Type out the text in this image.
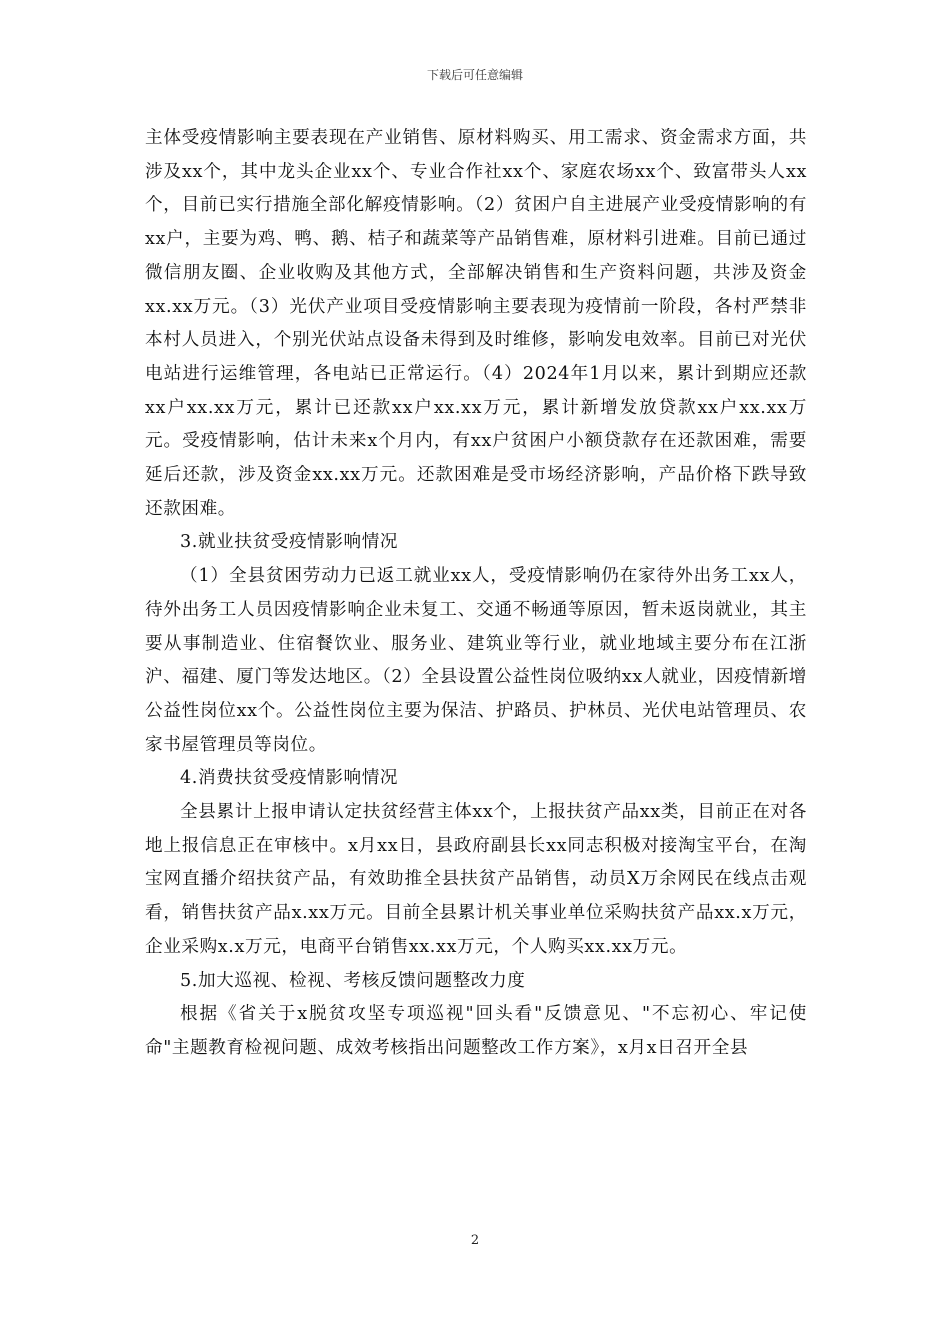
下载后可任意编辑

主体受疫情影响主要表现在产业销售、原材料购买、用工需求、资金需求方面，共涉及xx个，其中龙头企业xx个、专业合作社xx个、家庭农场xx个、致富带头人xx个，目前已实行措施全部化解疫情影响。（2）贫困户自主进展产业受疫情影响的有xx户，主要为鸡、鸭、鹅、桔子和蔬菜等产品销售难，原材料引进难。目前已通过微信朋友圈、企业收购及其他方式，全部解决销售和生产资料问题，共涉及资金xx.xx万元。（3）光伏产业项目受疫情影响主要表现为疫情前一阶段，各村严禁非本村人员进入，个别光伏站点设备未得到及时维修，影响发电效率。目前已对光伏电站进行运维管理，各电站已正常运行。（4）2024年1月以来，累计到期应还款xx户xx.xx万元，累计已还款xx户xx.xx万元，累计新增发放贷款xx户xx.xx万元。受疫情影响，估计未来x个月内，有xx户贫困户小额贷款存在还款困难，需要延后还款，涉及资金xx.xx万元。还款困难是受市场经济影响，产品价格下跌导致还款困难。

3.就业扶贫受疫情影响情况

（1）全县贫困劳动力已返工就业xx人，受疫情影响仍在家待外出务工xx人，待外出务工人员因疫情影响企业未复工、交通不畅通等原因，暂未返岗就业，其主要从事制造业、住宿餐饮业、服务业、建筑业等行业，就业地域主要分布在江浙沪、福建、厦门等发达地区。（2）全县设置公益性岗位吸纳xx人就业，因疫情新增公益性岗位xx个。公益性岗位主要为保洁、护路员、护林员、光伏电站管理员、农家书屋管理员等岗位。

4.消费扶贫受疫情影响情况

全县累计上报申请认定扶贫经营主体xx个，上报扶贫产品xx类，目前正在对各地上报信息正在审核中。x月xx日，县政府副县长xx同志积极对接淘宝平台，在淘宝网直播介绍扶贫产品，有效助推全县扶贫产品销售，动员X万余网民在线点击观看，销售扶贫产品x.xx万元。目前全县累计机关事业单位采购扶贫产品xx.x万元，企业采购x.x万元，电商平台销售xx.xx万元，个人购买xx.xx万元。

5.加大巡视、检视、考核反馈问题整改力度

根据《省关于x脱贫攻坚专项巡视"回头看"反馈意见、"不忘初心、牢记使命"主题教育检视问题、成效考核指出问题整改工作方案》，x月x日召开全县

2
